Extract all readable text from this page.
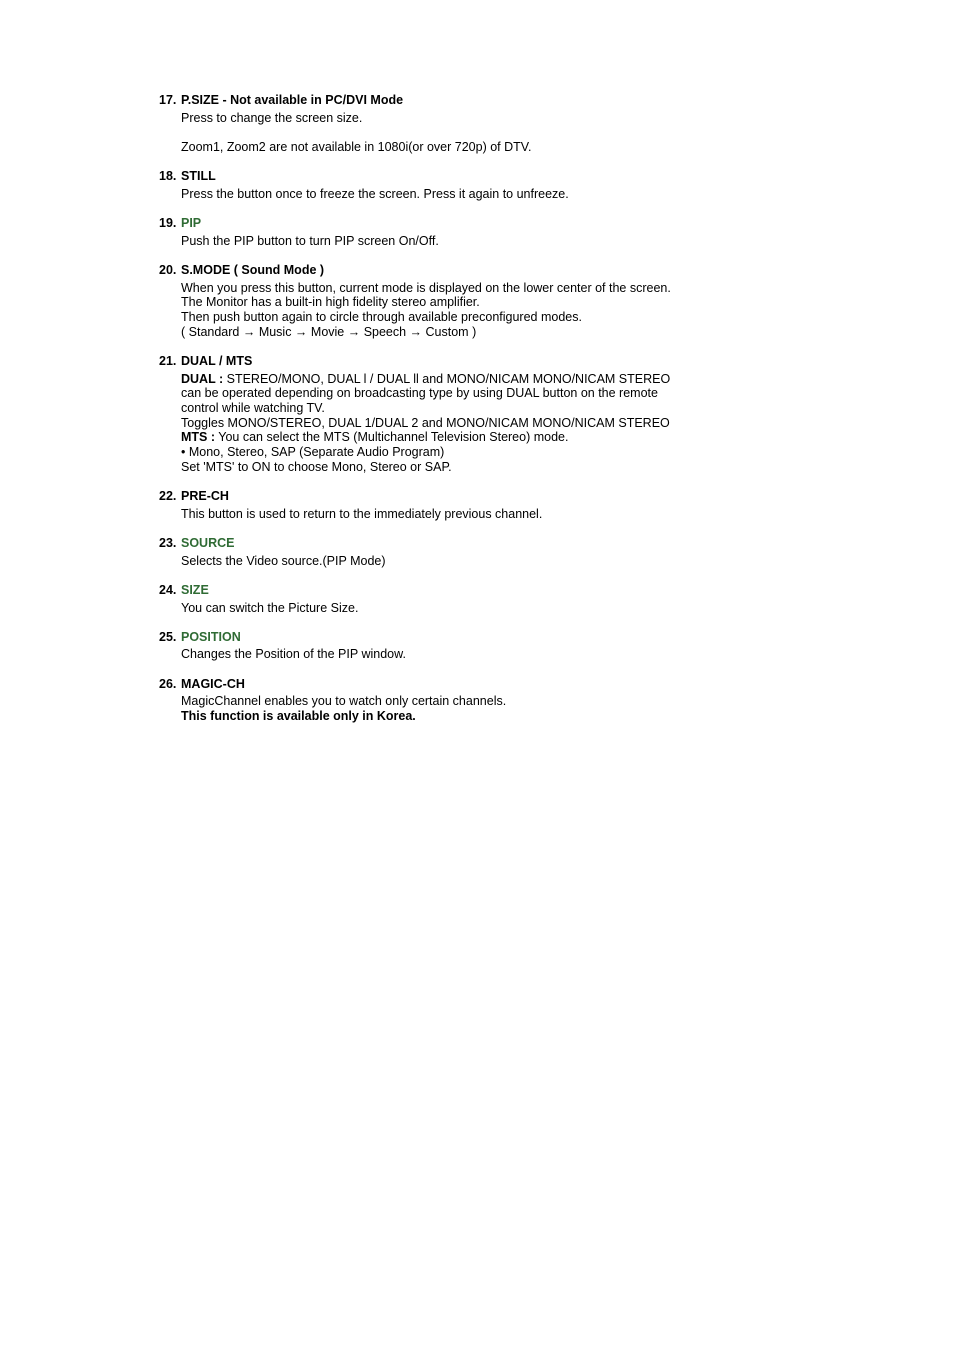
17. P.SIZE - Not available in PC/DVI Mode
Press to change the screen size.
Zoom1, Zoom2 are not available in 1080i(or over 720p) of DTV.
18. STILL
Press the button once to freeze the screen. Press it again to unfreeze.
19. PIP
Push the PIP button to turn PIP screen On/Off.
20. S.MODE ( Sound Mode )
When you press this button, current mode is displayed on the lower center of the screen.
The Monitor has a built-in high fidelity stereo amplifier.
Then push button again to circle through available preconfigured modes.
( Standard → Music → Movie → Speech → Custom )
21. DUAL / MTS
DUAL : STEREO/MONO, DUAL l / DUAL ll and MONO/NICAM MONO/NICAM STEREO
can be operated depending on broadcasting type by using DUAL button on the remote
control while watching TV.
Toggles MONO/STEREO, DUAL 1/DUAL 2 and MONO/NICAM MONO/NICAM STEREO
MTS : You can select the MTS (Multichannel Television Stereo) mode.
• Mono, Stereo, SAP (Separate Audio Program)
Set 'MTS' to ON to choose Mono, Stereo or SAP.
22. PRE-CH
This button is used to return to the immediately previous channel.
23. SOURCE
Selects the Video source.(PIP Mode)
24. SIZE
You can switch the Picture Size.
25. POSITION
Changes the Position of the PIP window.
26. MAGIC-CH
MagicChannel enables you to watch only certain channels.
This function is available only in Korea.
